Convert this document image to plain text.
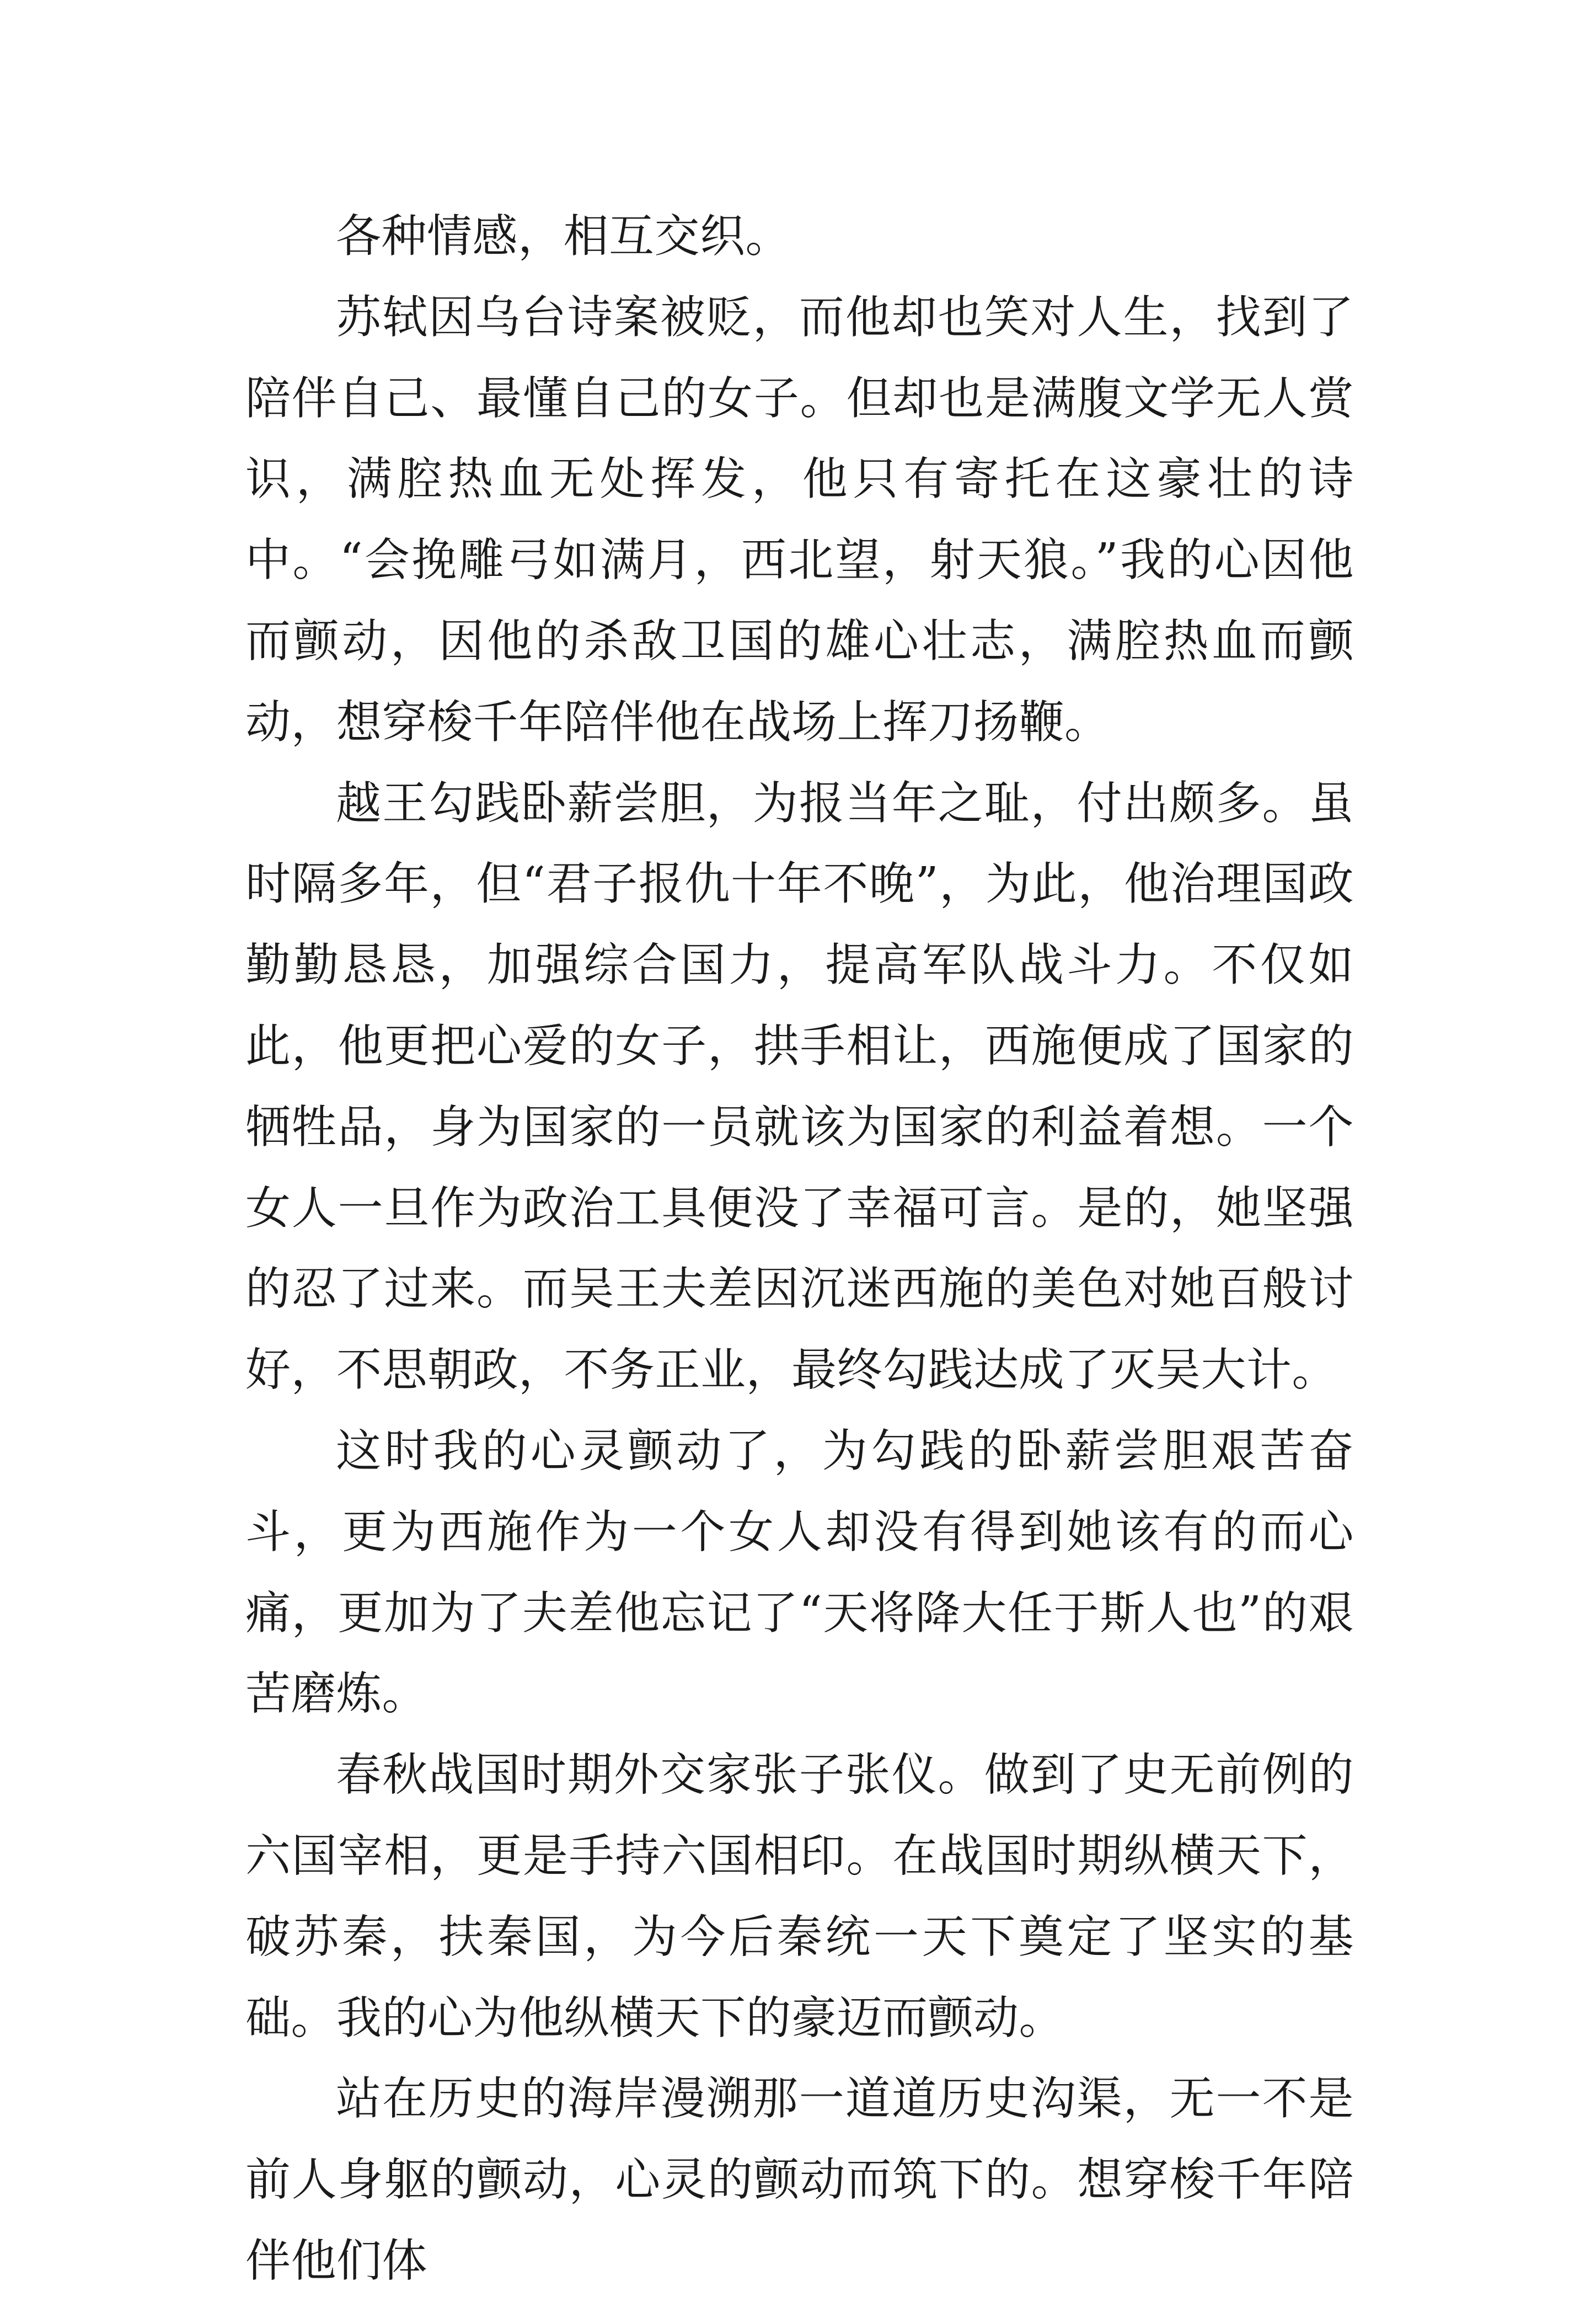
各种情感，相互交织。

苏轼因乌台诗案被贬，而他却也笑对人生，找到了陪伴自己、最懂自己的女子。但却也是满腹文学无人赏识，满腔热血无处挥发，他只有寄托在这豪壮的诗中。“会挽雕弓如满月，西北望，射天狼。”我的心因他而颤动，因他的杀敌卫国的雄心壮志，满腔热血而颤动，想穿梭千年陪伴他在战场上挥刀扬鞭。

越王勾践卧薪尝胆，为报当年之耻，付出颇多。虽时隔多年，但“君子报仇十年不晚”，为此，他治理国政勤勤恳恳，加强综合国力，提高军队战斗力。不仅如此，他更把心爱的女子，拱手相让，西施便成了国家的牺牲品，身为国家的一员就该为国家的利益着想。一个女人一旦作为政治工具便没了幸福可言。是的，她坚强的忍了过来。而吴王夫差因沉迷西施的美色对她百般讨好，不思朝政，不务正业，最终勾践达成了灭吴大计。

这时我的心灵颤动了，为勾践的卧薪尝胆艰苦奋斗，更为西施作为一个女人却没有得到她该有的而心痛，更加为了夫差他忘记了“天将降大任于斯人也”的艰苦磨炼。

春秋战国时期外交家张子张仪。做到了史无前例的六国宰相，更是手持六国相印。在战国时期纵横天下，破苏秦，扶秦国，为今后秦统一天下奠定了坚实的基础。我的心为他纵横天下的豪迈而颤动。

站在历史的海岸漫溯那一道道历史沟渠，无一不是前人身躯的颤动，心灵的颤动而筑下的。想穿梭千年陪伴他们体
